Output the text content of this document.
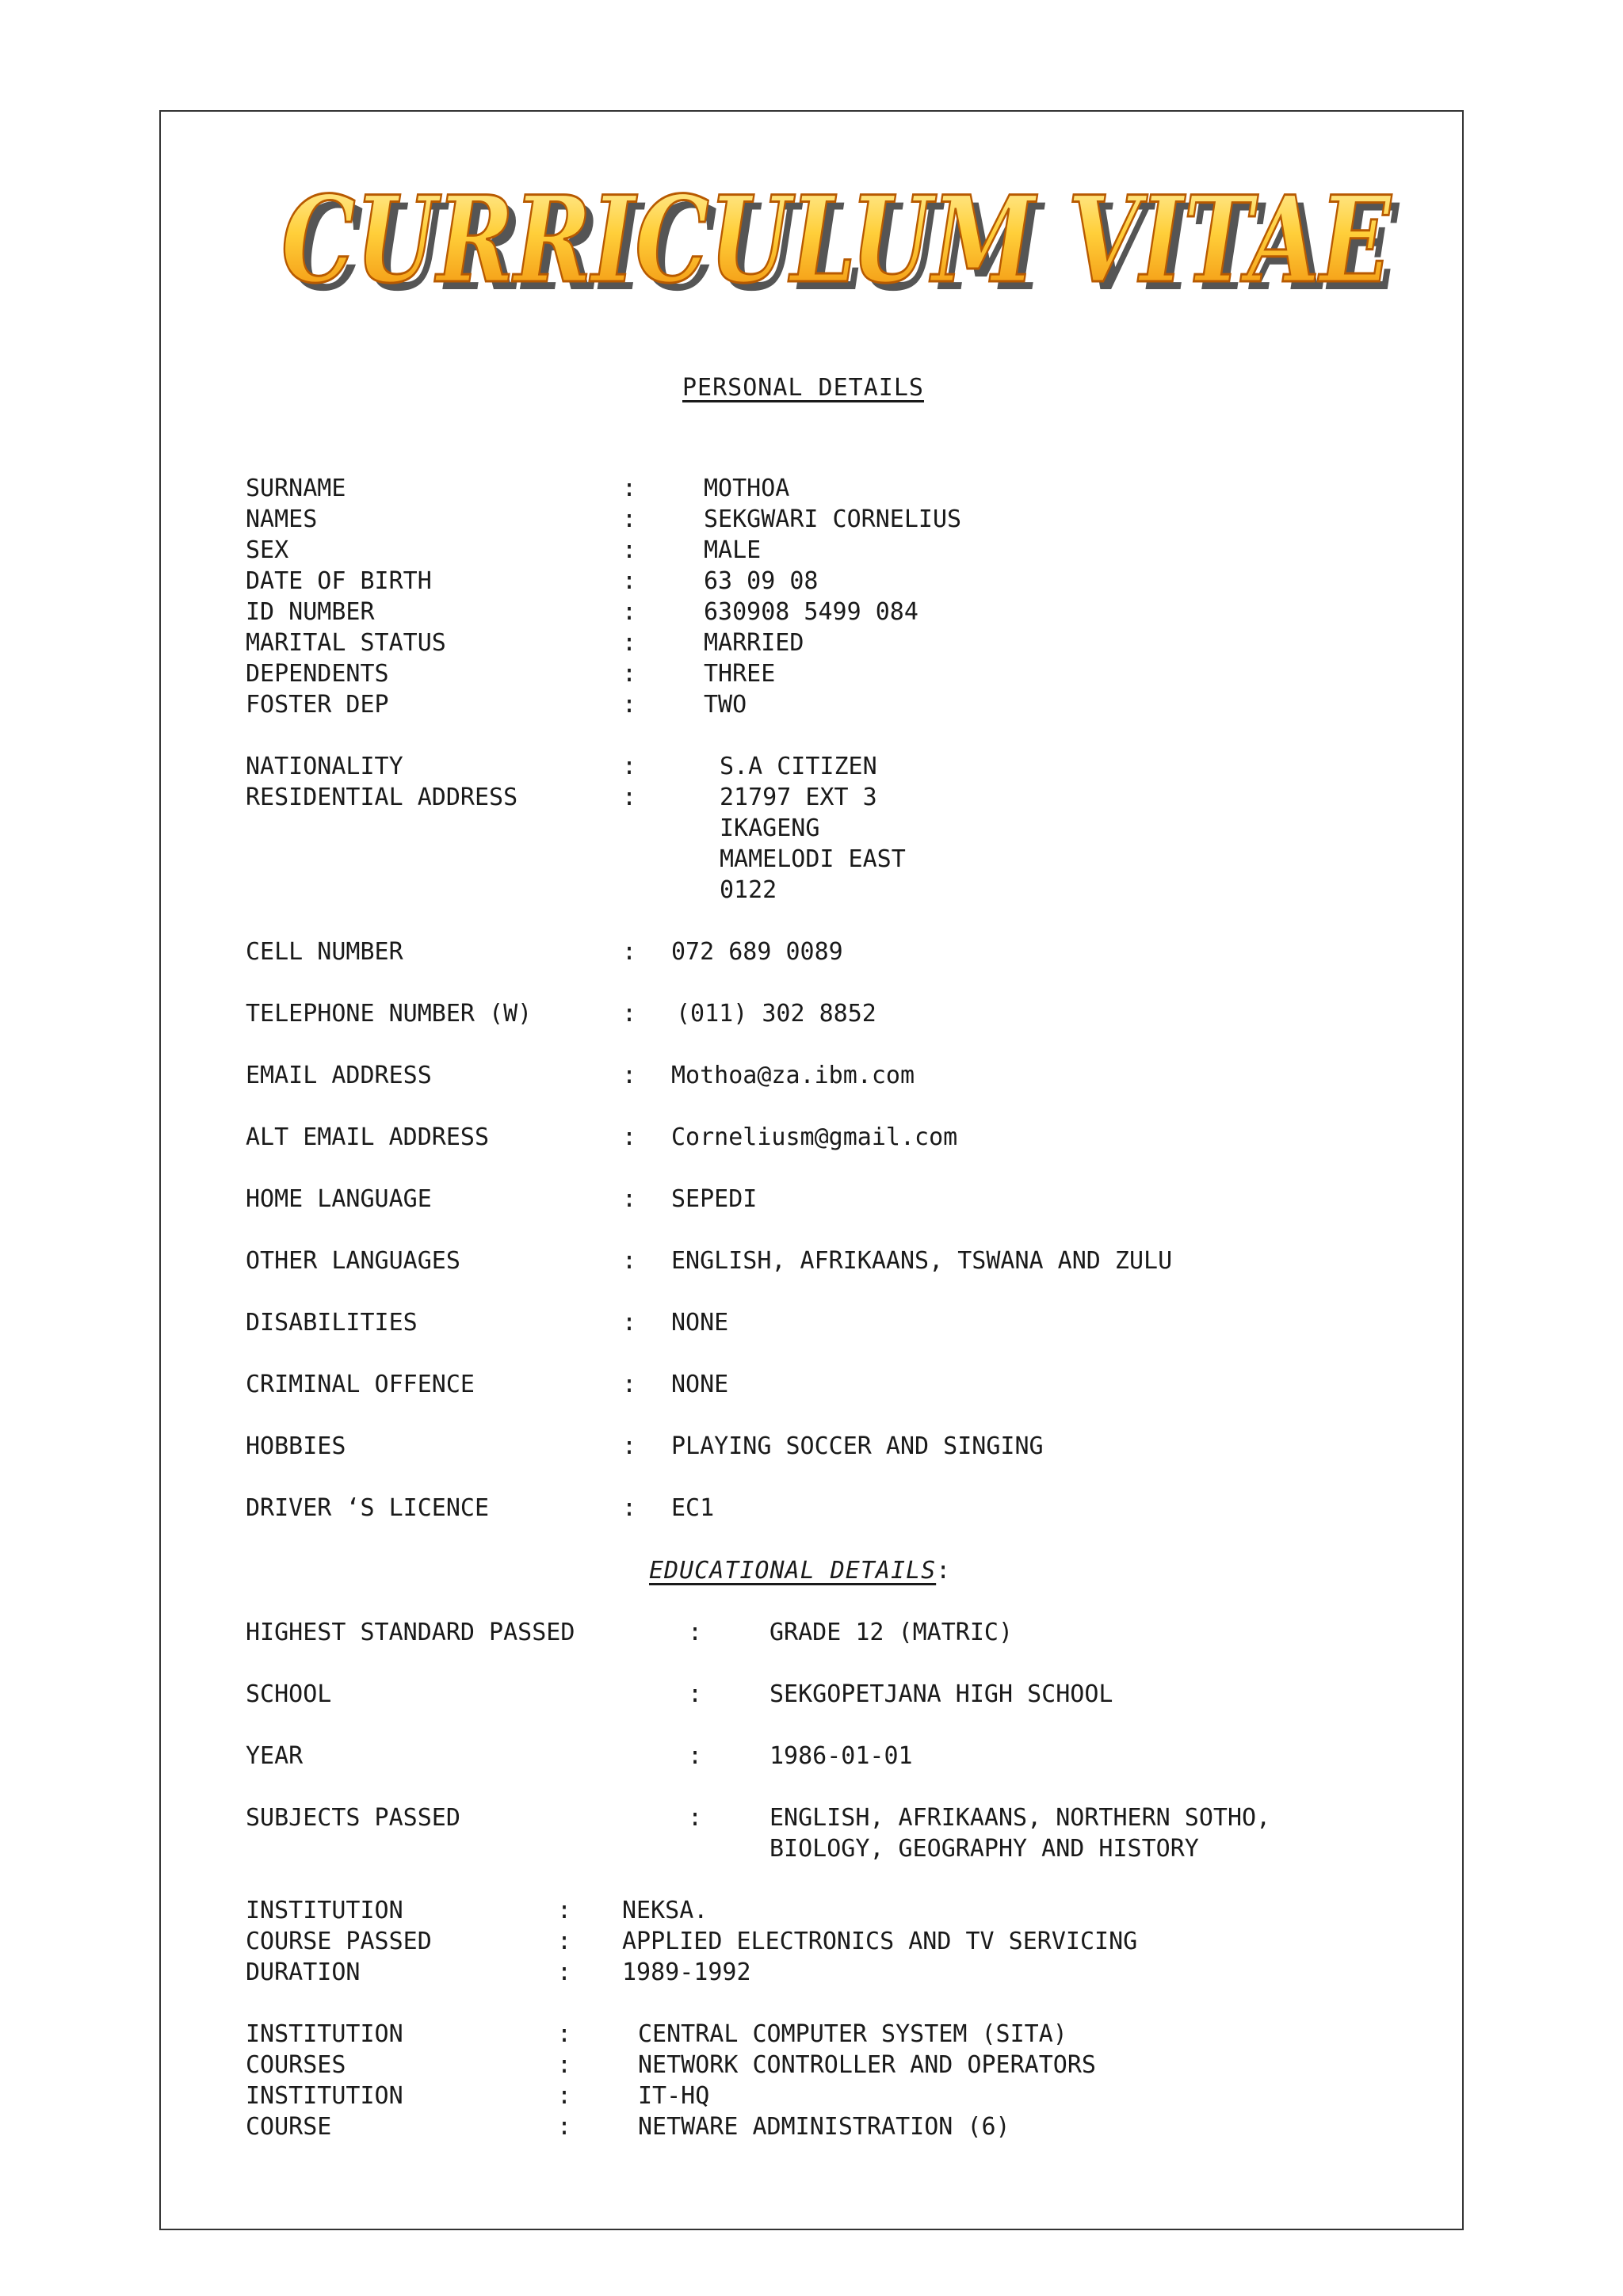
CURRICULUM VITAE
CURRICULUM VITAE
PERSONAL DETAILS
SURNAME	:	MOTHOA
NAMES	:	SEKGWARI CORNELIUS
SEX	:	MALE
DATE OF BIRTH	:	63 09 08
ID NUMBER	:	630908 5499 084
MARITAL STATUS	:	MARRIED
DEPENDENTS	:	THREE
FOSTER DEP	:	TWO
NATIONALITY	:	S.A CITIZEN
RESIDENTIAL ADDRESS	:	21797 EXT 3
IKAGENG
MAMELODI EAST
0122
CELL NUMBER	: 072 689 0089
TELEPHONE NUMBER (W)	: (011) 302 8852
EMAIL ADDRESS	: Mothoa@za.ibm.com
ALT EMAIL ADDRESS	: Corneliusm@gmail.com
HOME LANGUAGE	: SEPEDI
OTHER LANGUAGES	: ENGLISH, AFRIKAANS, TSWANA AND ZULU
DISABILITIES	: NONE
CRIMINAL OFFENCE	: NONE
HOBBIES	: PLAYING SOCCER AND SINGING
DRIVER ‘S LICENCE	: EC1
EDUCATIONAL DETAILS:
HIGHEST STANDARD PASSED	:	GRADE 12 (MATRIC)
SCHOOL	:	SEKGOPETJANA HIGH SCHOOL
YEAR	:	1986-01-01
SUBJECTS PASSED	:	ENGLISH, AFRIKAANS, NORTHERN SOTHO,
BIOLOGY, GEOGRAPHY AND HISTORY
INSTITUTION	: NEKSA.
COURSE PASSED	: APPLIED ELECTRONICS AND TV SERVICING
DURATION	: 1989-1992
INSTITUTION	:	CENTRAL COMPUTER SYSTEM (SITA)
COURSES	:	NETWORK CONTROLLER AND OPERATORS
INSTITUTION	:	IT-HQ
COURSE	:	NETWARE ADMINISTRATION (6)
